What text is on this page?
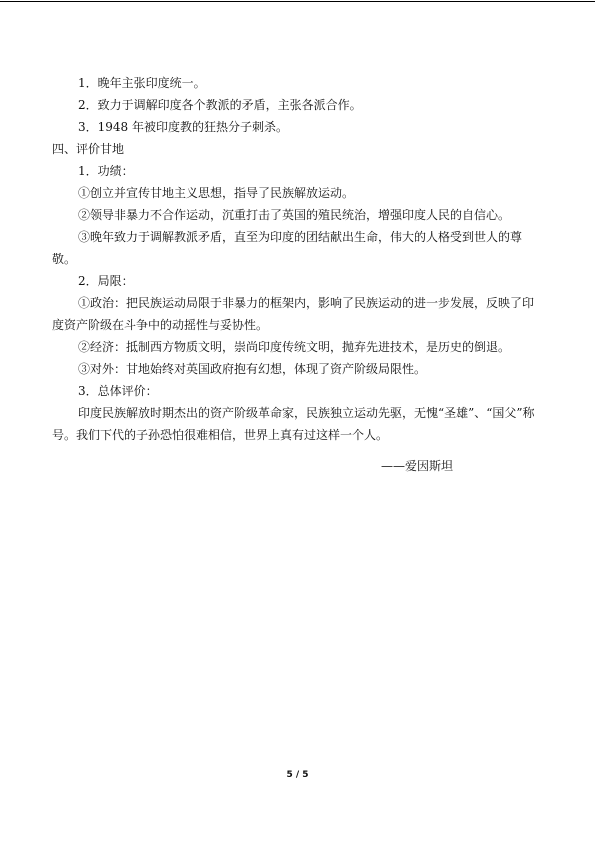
1．晚年主张印度统一。

2．致力于调解印度各个教派的矛盾，主张各派合作。

3．1948 年被印度教的狂热分子刺杀。

四、评价甘地

1．功绩：

①创立并宣传甘地主义思想，指导了民族解放运动。

②领导非暴力不合作运动，沉重打击了英国的殖民统治，增强印度人民的自信心。

③晚年致力于调解教派矛盾，直至为印度的团结献出生命，伟大的人格受到世人的尊敬。

2．局限：

①政治：把民族运动局限于非暴力的框架内，影响了民族运动的进一步发展，反映了印度资产阶级在斗争中的动摇性与妥协性。

②经济：抵制西方物质文明，崇尚印度传统文明，抛弃先进技术，是历史的倒退。

③对外：甘地始终对英国政府抱有幻想，体现了资产阶级局限性。

3．总体评价：

印度民族解放时期杰出的资产阶级革命家，民族独立运动先驱，无愧“圣雄”、“国父”称号。我们下代的子孙恐怕很难相信，世界上真有过这样一个人。

——爱因斯坦
5 / 5
